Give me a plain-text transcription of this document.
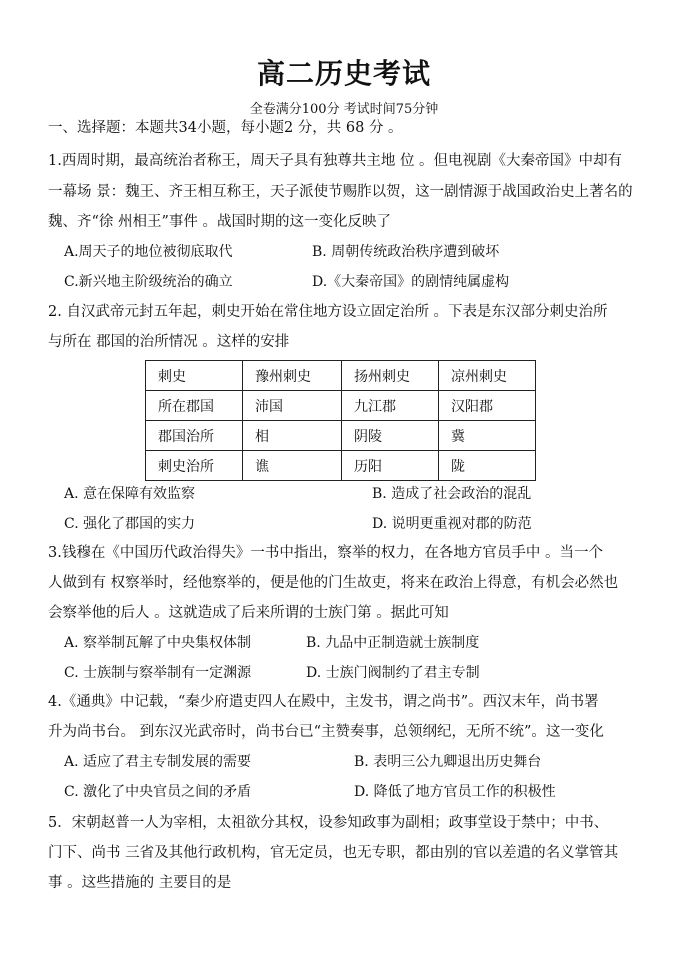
高二历史考试
全卷满分100分 考试时间75分钟
一、选择题：本题共34小题，每小题2 分，共 68 分 。
1.西周时期，最高统治者称王，周天子具有独尊共主地 位 。但电视剧《大秦帝国》中却有
一幕场 景：魏王、齐王相互称王，天子派使节赐胙以贺，这一剧情源于战国政治史上著名的
魏、齐“徐 州相王”事件 。战国时期的这一变化反映了
A.周天子的地位被彻底取代	B. 周朝传统政治秩序遭到破坏
C.新兴地主阶级统治的确立	D.《大秦帝国》的剧情纯属虚构
2. 自汉武帝元封五年起，刺史开始在常住地方设立固定治所 。下表是东汉部分刺史治所
与所在 郡国的治所情况 。这样的安排
刺史	豫州刺史	扬州刺史	凉州刺史
所在郡国	沛国	九江郡	汉阳郡
郡国治所	相	阴陵	冀
刺史治所	谯	历阳	陇
A. 意在保障有效监察	B. 造成了社会政治的混乱
C. 强化了郡国的实力	D. 说明更重视对郡的防范
3.钱穆在《中国历代政治得失》一书中指出，察举的权力，在各地方官员手中 。当一个
人做到有 权察举时，经他察举的，便是他的门生故吏，将来在政治上得意，有机会必然也
会察举他的后人 。这就造成了后来所谓的士族门第 。据此可知
A. 察举制瓦解了中央集权体制	B. 九品中正制造就士族制度
C. 士族制与察举制有一定渊源	D. 士族门阀制约了君主专制
4.《通典》中记载，“秦少府遣吏四人在殿中，主发书，谓之尚书”。西汉末年，尚书署
升为尚书台。 到东汉光武帝时，尚书台已“主赞奏事，总领纲纪，无所不统”。这一变化
A. 适应了君主专制发展的需要	B. 表明三公九卿退出历史舞台
C. 激化了中央官员之间的矛盾	D. 降低了地方官员工作的积极性
5．宋朝赵普一人为宰相，太祖欲分其权，设参知政事为副相；政事堂设于禁中；中书、
门下、尚书 三省及其他行政机构，官无定员，也无专职，都由别的官以差遣的名义掌管其
事 。这些措施的 主要目的是
